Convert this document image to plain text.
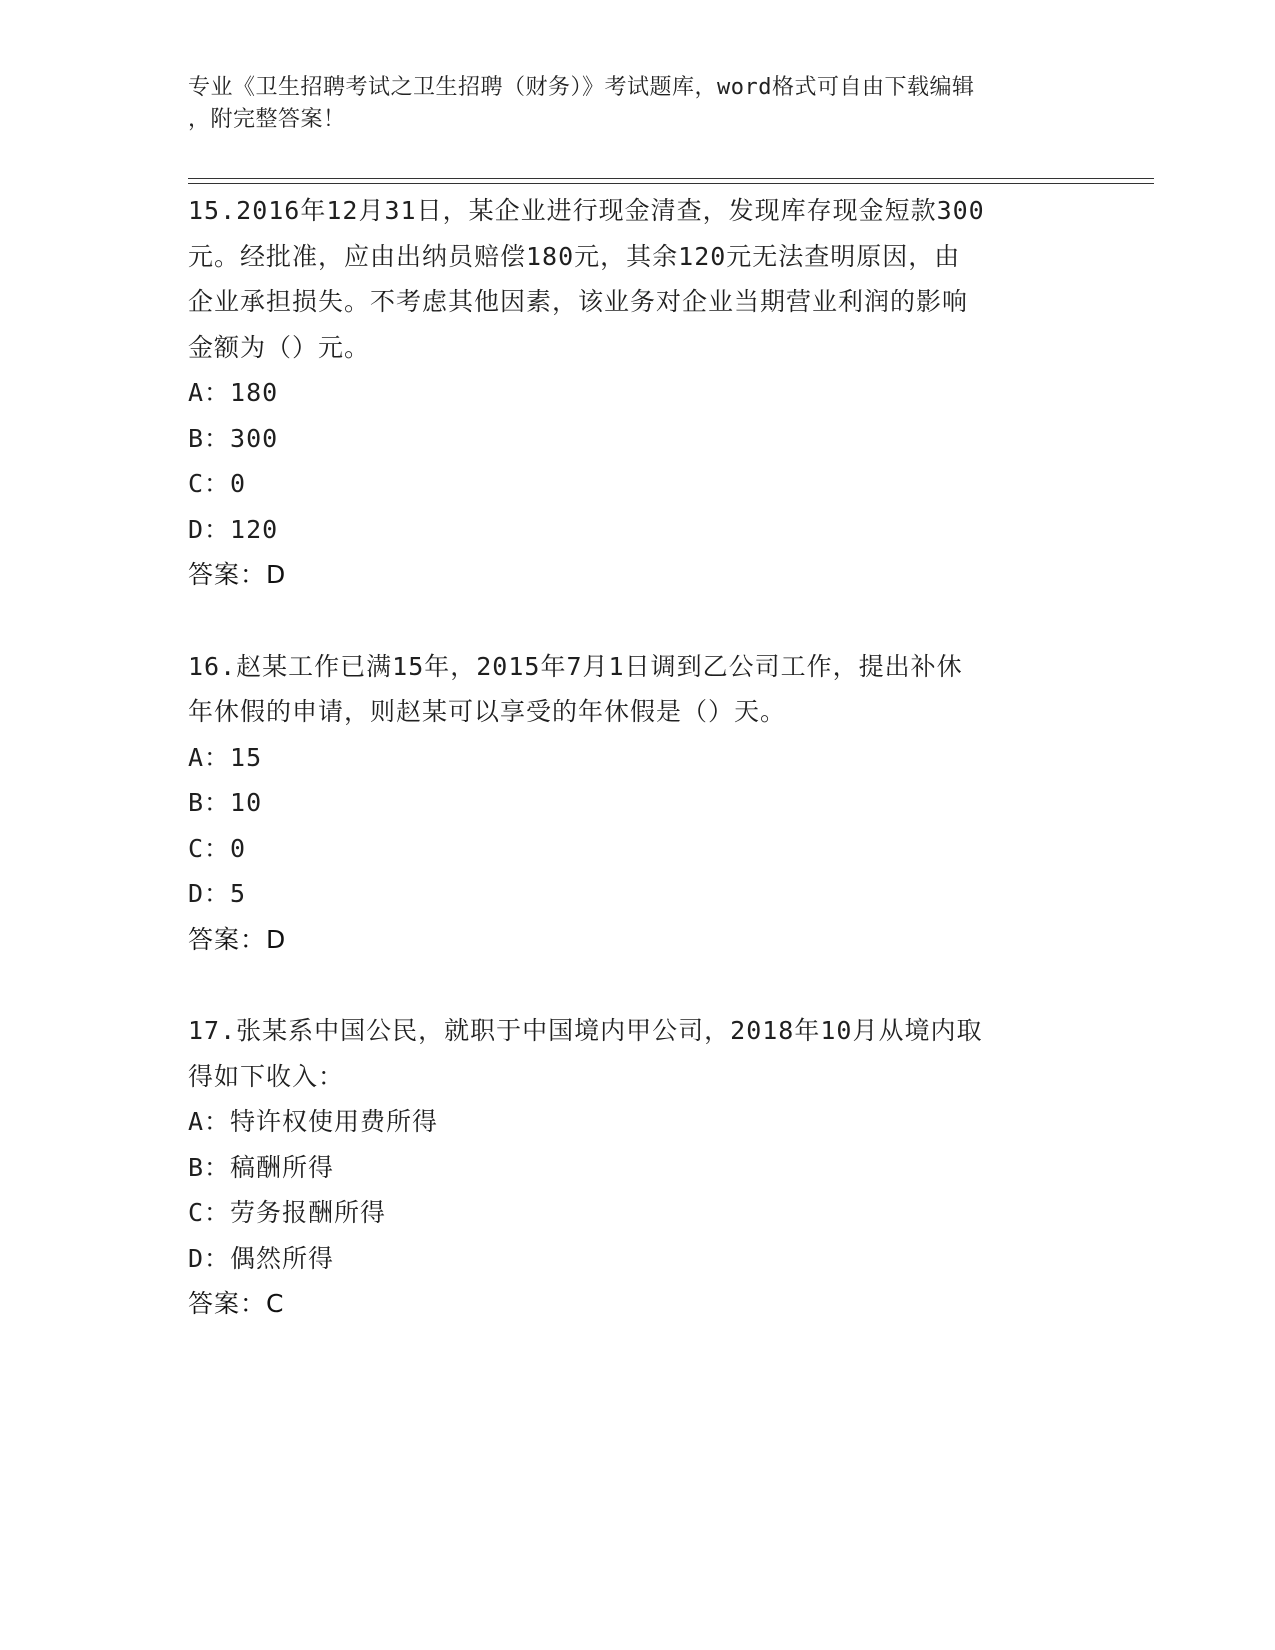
专业《卫生招聘考试之卫生招聘（财务）》考试题库，word格式可自由下载编辑
，附完整答案！
15.2016年12月31日，某企业进行现金清查，发现库存现金短款300
元。经批准，应由出纳员赔偿180元，其余120元无法查明原因，由
企业承担损失。不考虑其他因素，该业务对企业当期营业利润的影响
金额为（）元。
A：180
B：300
C：0
D：120
答案：D
16.赵某工作已满15年，2015年7月1日调到乙公司工作，提出补休
年休假的申请，则赵某可以享受的年休假是（）天。
A：15
B：10
C：0
D：5
答案：D
17.张某系中国公民，就职于中国境内甲公司，2018年10月从境内取
得如下收入：
A：特许权使用费所得
B：稿酬所得
C：劳务报酬所得
D：偶然所得
答案：C
